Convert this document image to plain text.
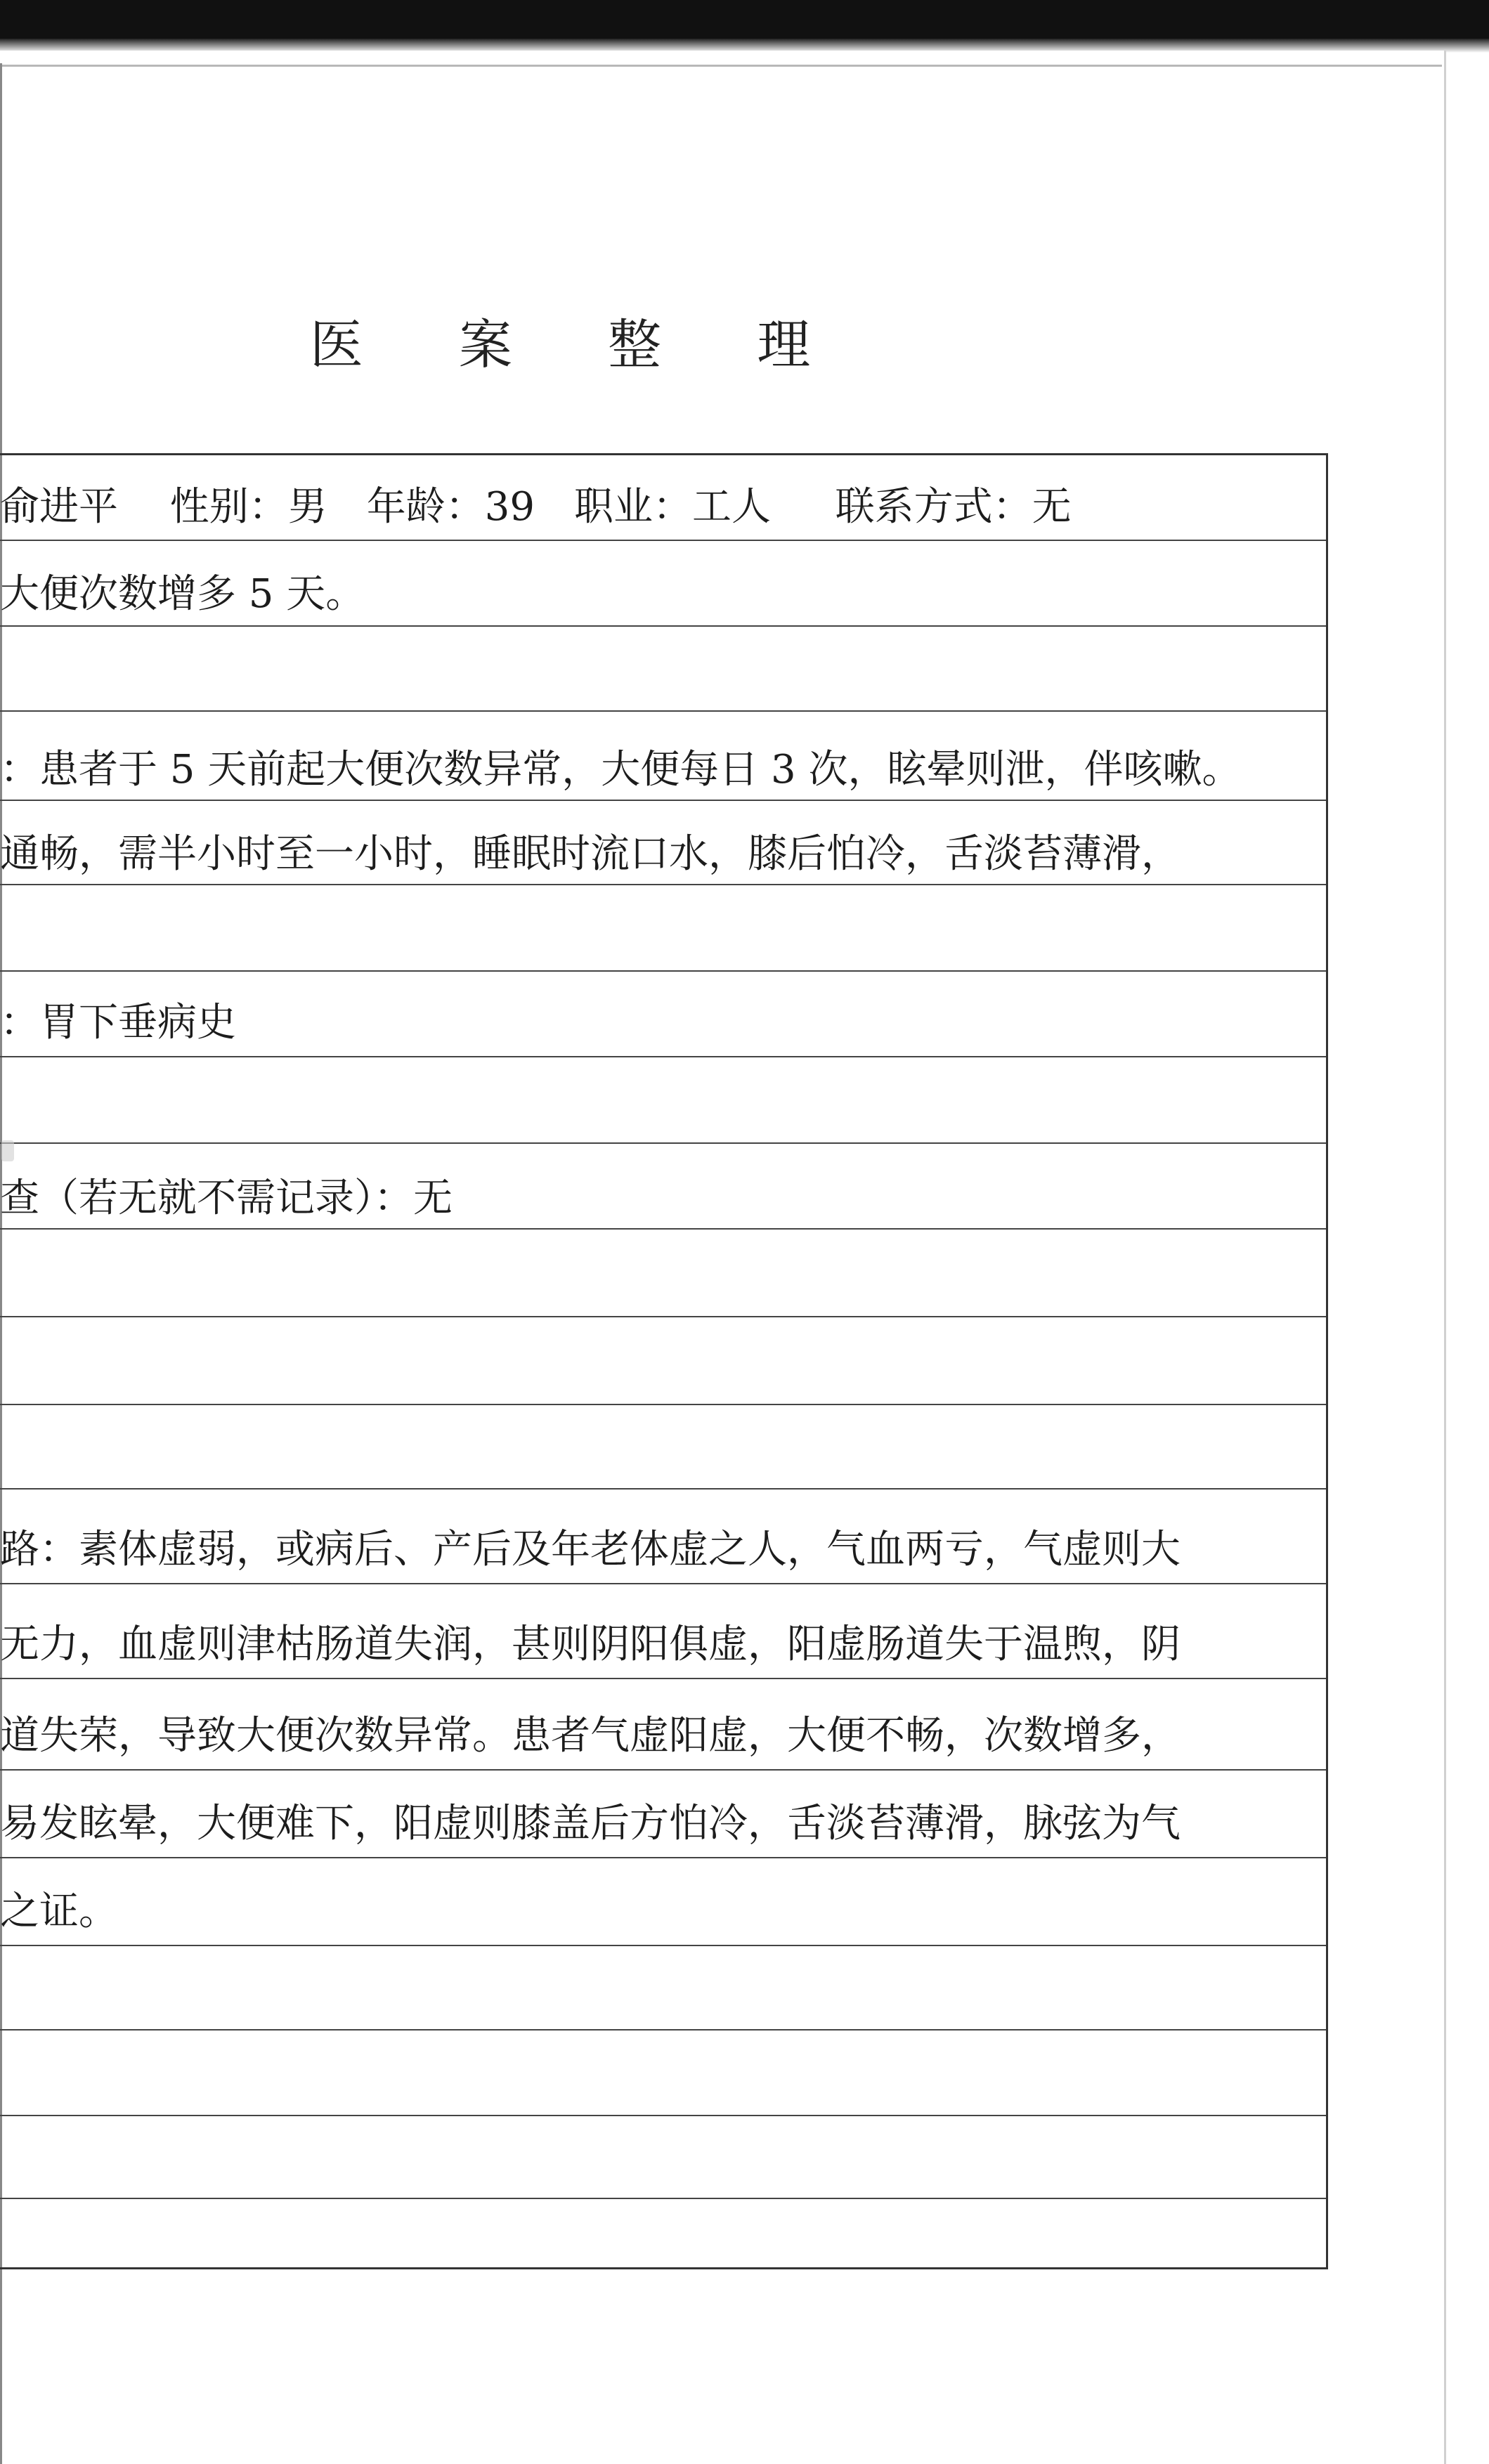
医 案 整 理
俞进平　 性别：男　年龄：39　职业：工人 　 联系方式：无
大便次数增多 5 天。
：患者于 5 天前起大便次数异常，大便每日 3 次，眩晕则泄，伴咳嗽。
通畅，需半小时至一小时，睡眠时流口水，膝后怕冷，舌淡苔薄滑，
：胃下垂病史
查（若无就不需记录）：无
路：素体虚弱，或病后、产后及年老体虚之人，气血两亏，气虚则大
无力，血虚则津枯肠道失润，甚则阴阳俱虚，阳虚肠道失于温煦，阴
道失荣，导致大便次数异常。患者气虚阳虚，大便不畅，次数增多，
易发眩晕，大便难下，阳虚则膝盖后方怕冷，舌淡苔薄滑，脉弦为气
之证。
